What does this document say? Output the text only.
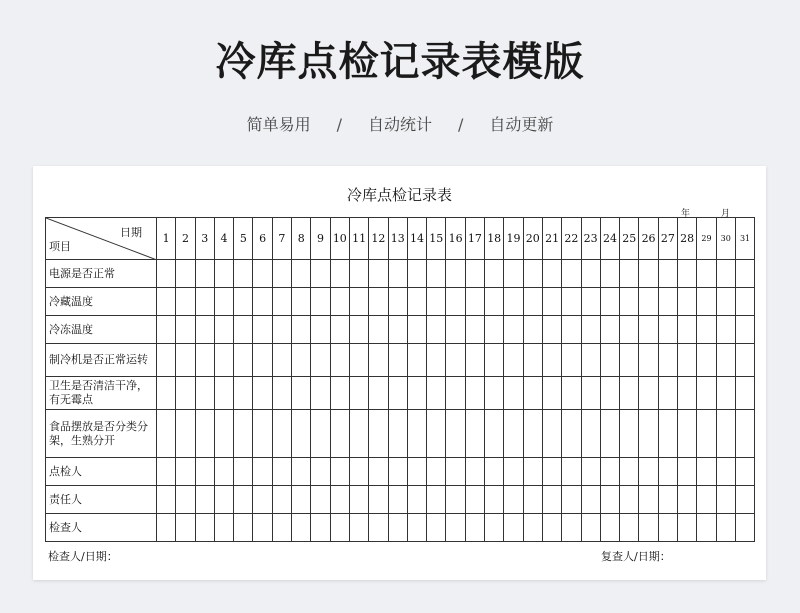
冷库点检记录表模版
简单易用 / 自动统计 / 自动更新
冷库点检记录表
年	月
日期
项目	1	2	3	4	5	6	7	8	9	10	11	12	13	14	15	16	17	18	19	20	21	22	23	24	25	26	27	28	29	30	31
电源是否正常																															
冷藏温度																															
冷冻温度																															
制冷机是否正常运转																															
卫生是否清洁干净，有无霉点																															
食品摆放是否分类分架，生熟分开																															
点检人																															
责任人																															
检查人																															
检查人/日期：	复查人/日期：
